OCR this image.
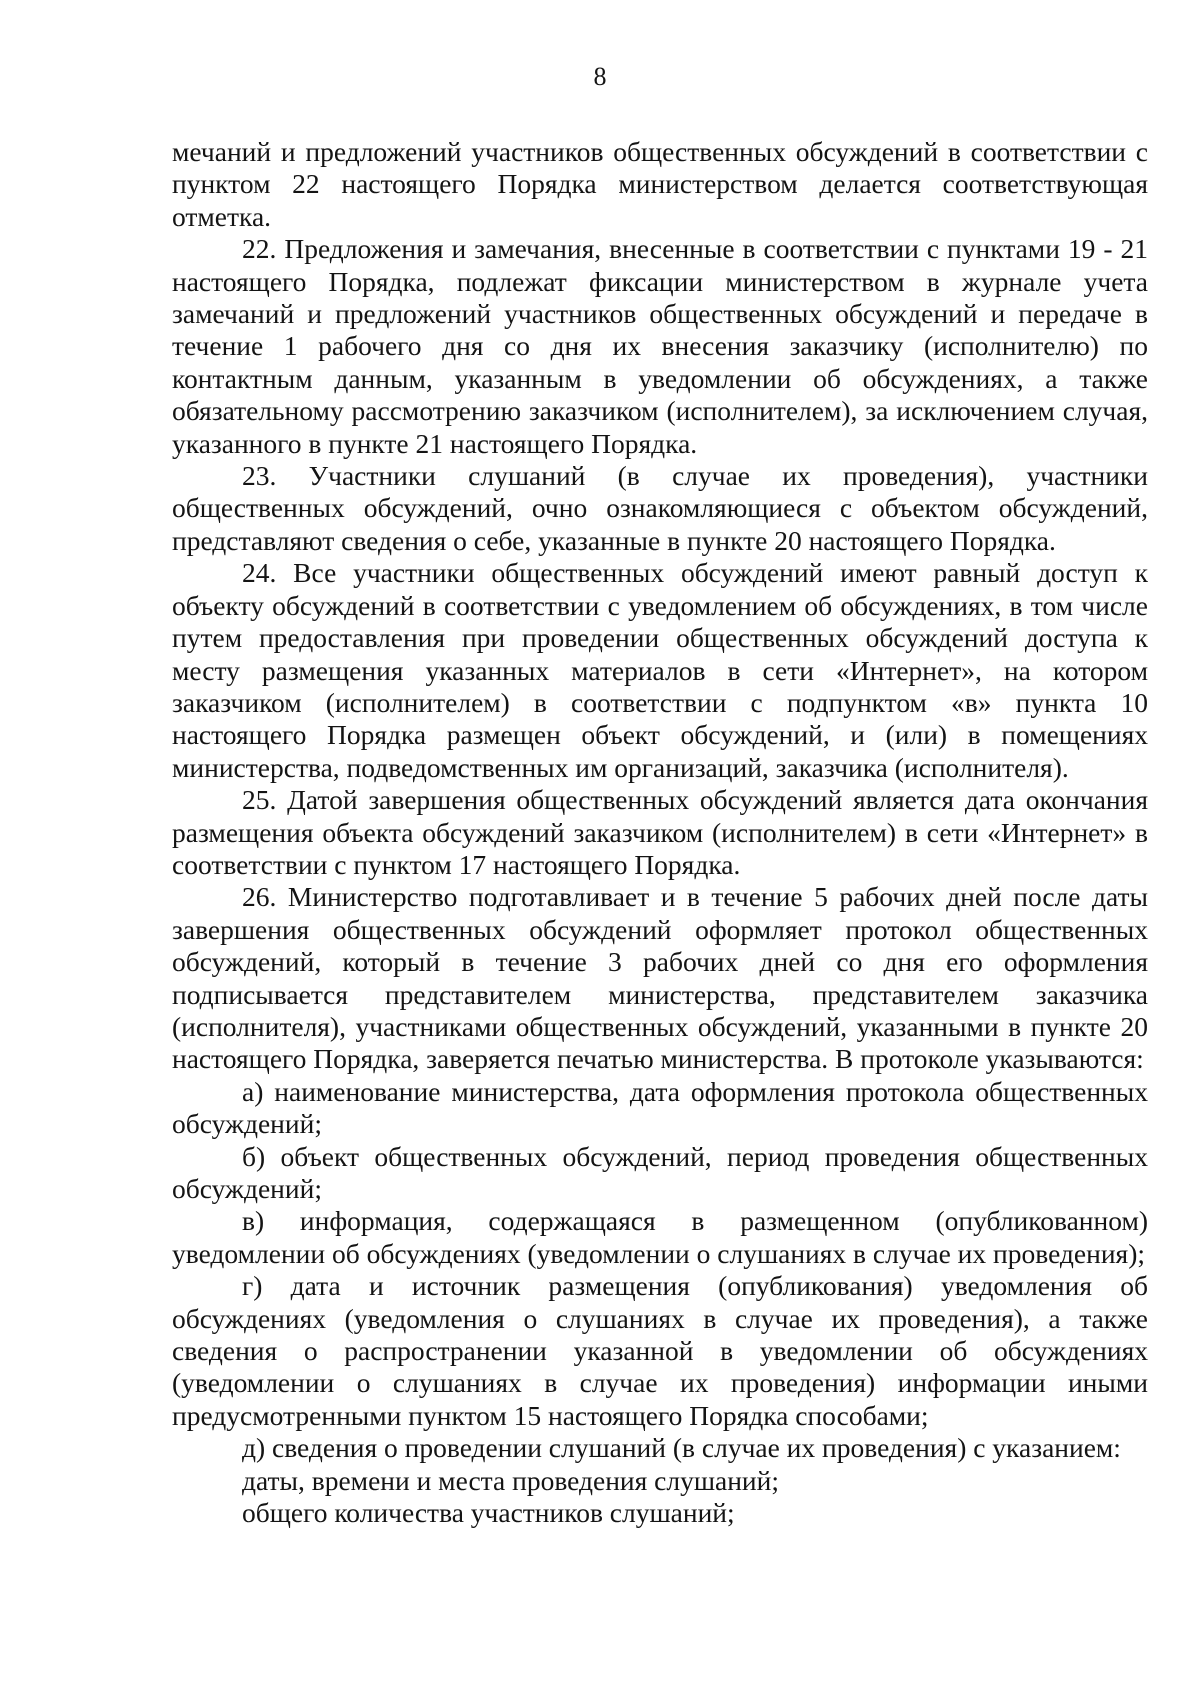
8

мечаний и предложений участников общественных обсуждений в соответствии с пунктом 22 настоящего Порядка министерством делается соответствующая отметка.

22. Предложения и замечания, внесенные в соответствии с пунктами 19 - 21 настоящего Порядка, подлежат фиксации министерством в журнале учета замечаний и предложений участников общественных обсуждений и передаче в течение 1 рабочего дня со дня их внесения заказчику (исполнителю) по контактным данным, указанным в уведомлении об обсуждениях, а также обязательному рассмотрению заказчиком (исполнителем), за исключением случая, указанного в пункте 21 настоящего Порядка.

23. Участники слушаний (в случае их проведения), участники общественных обсуждений, очно ознакомляющиеся с объектом обсуждений, представляют сведения о себе, указанные в пункте 20 настоящего Порядка.

24. Все участники общественных обсуждений имеют равный доступ к объекту обсуждений в соответствии с уведомлением об обсуждениях, в том числе путем предоставления при проведении общественных обсуждений доступа к месту размещения указанных материалов в сети «Интернет», на котором заказчиком (исполнителем) в соответствии с подпунктом «в» пункта 10 настоящего Порядка размещен объект обсуждений, и (или) в помещениях министерства, подведомственных им организаций, заказчика (исполнителя).

25. Датой завершения общественных обсуждений является дата окончания размещения объекта обсуждений заказчиком (исполнителем) в сети «Интернет» в соответствии с пунктом 17 настоящего Порядка.

26. Министерство подготавливает и в течение 5 рабочих дней после даты завершения общественных обсуждений оформляет протокол общественных обсуждений, который в течение 3 рабочих дней со дня его оформления подписывается представителем министерства, представителем заказчика (исполнителя), участниками общественных обсуждений, указанными в пункте 20 настоящего Порядка, заверяется печатью министерства. В протоколе указываются:

а) наименование министерства, дата оформления протокола общественных обсуждений;

б) объект общественных обсуждений, период проведения общественных обсуждений;

в) информация, содержащаяся в размещенном (опубликованном) уведомлении об обсуждениях (уведомлении о слушаниях в случае их проведения);

г) дата и источник размещения (опубликования) уведомления об обсуждениях (уведомления о слушаниях в случае их проведения), а также сведения о распространении указанной в уведомлении об обсуждениях (уведомлении о слушаниях в случае их проведения) информации иными предусмотренными пунктом 15 настоящего Порядка способами;

д) сведения о проведении слушаний (в случае их проведения) с указанием:

даты, времени и места проведения слушаний;

общего количества участников слушаний;
